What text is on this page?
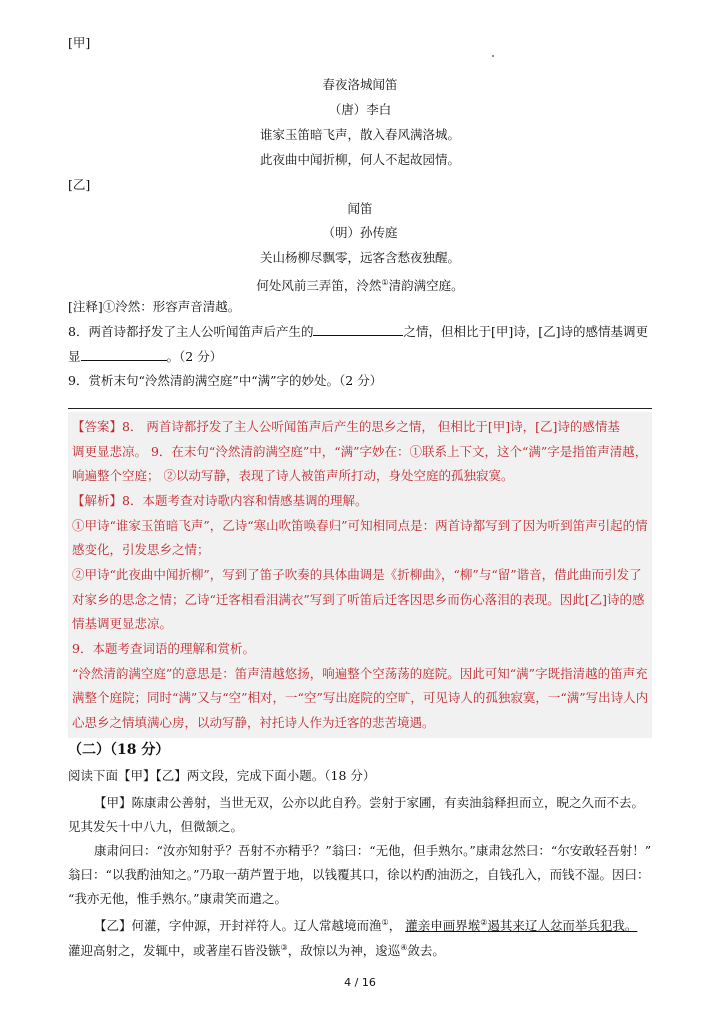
[甲]
春夜洛城闻笛
（唐）李白
谁家玉笛暗飞声，散入春风满洛城。
此夜曲中闻折柳，何人不起故园情。
[乙]
闻笛
（明）孙传庭
关山杨柳尽飘零，远客含愁夜独醒。
何处风前三弄笛，泠然①清韵满空庭。
[注释]①泠然：形容声音清越。
8．两首诗都抒发了主人公听闻笛声后产生的	之情，但相比于[甲]诗，[乙]诗的感情基调更
显	。（2 分）
9．赏析末句“泠然清韵满空庭”中“满”字的妙处。（2 分）
【答案】8． 两首诗都抒发了主人公听闻笛声后产生的思乡之情， 但相比于[甲]诗，[乙]诗的感情基
调更显悲凉。 9．在末句“泠然清韵满空庭”中，“满”字妙在：①联系上下文，这个“满”字是指笛声清越，
响遍整个空庭； ②以动写静，表现了诗人被笛声所打动，身处空庭的孤独寂寞。
【解析】8．本题考查对诗歌内容和情感基调的理解。
①甲诗“谁家玉笛暗飞声”，乙诗“寒山吹笛唤春归”可知相同点是：两首诗都写到了因为听到笛声引起的情
感变化，引发思乡之情；
②甲诗“此夜曲中闻折柳”，写到了笛子吹奏的具体曲调是《折柳曲》，“柳”与“留”谐音，借此曲而引发了
对家乡的思念之情；乙诗“迁客相看泪满衣”写到了听笛后迁客因思乡而伤心落泪的表现。因此[乙]诗的感
情基调更显悲凉。
9．本题考查词语的理解和赏析。
“泠然清韵满空庭”的意思是：笛声清越悠扬，响遍整个空荡荡的庭院。因此可知“满”字既指清越的笛声充
满整个庭院；同时“满”又与“空”相对，一“空”写出庭院的空旷，可见诗人的孤独寂寞，一“满”写出诗人内
心思乡之情填满心房，以动写静，衬托诗人作为迁客的悲苦境遇。
（二）（18 分）
阅读下面【甲】【乙】两文段，完成下面小题。（18 分）
【甲】陈康肃公善射，当世无双，公亦以此自矜。尝射于家圃，有卖油翁释担而立，睨之久而不去。
见其发矢十中八九，但微颔之。
康肃问曰：“汝亦知射乎？吾射不亦精乎？”翁曰：“无他，但手熟尔。”康肃忿然曰：“尔安敢轻吾射！”
翁曰：“以我酌油知之。”乃取一葫芦置于地，以钱覆其口，徐以杓酌油沥之，自钱孔入，而钱不湿。因曰：
“我亦无他，惟手熟尔。”康肃笑而遣之。
【乙】何灌，字仲源，开封祥符人。辽人常越境而渔①， 灌亲申画界堠②遏其来辽人忿而举兵犯我。
灌迎高射之，发辄中，或著崖石皆没镞③，敌惊以为神，逡巡④敛去。
4 / 16
